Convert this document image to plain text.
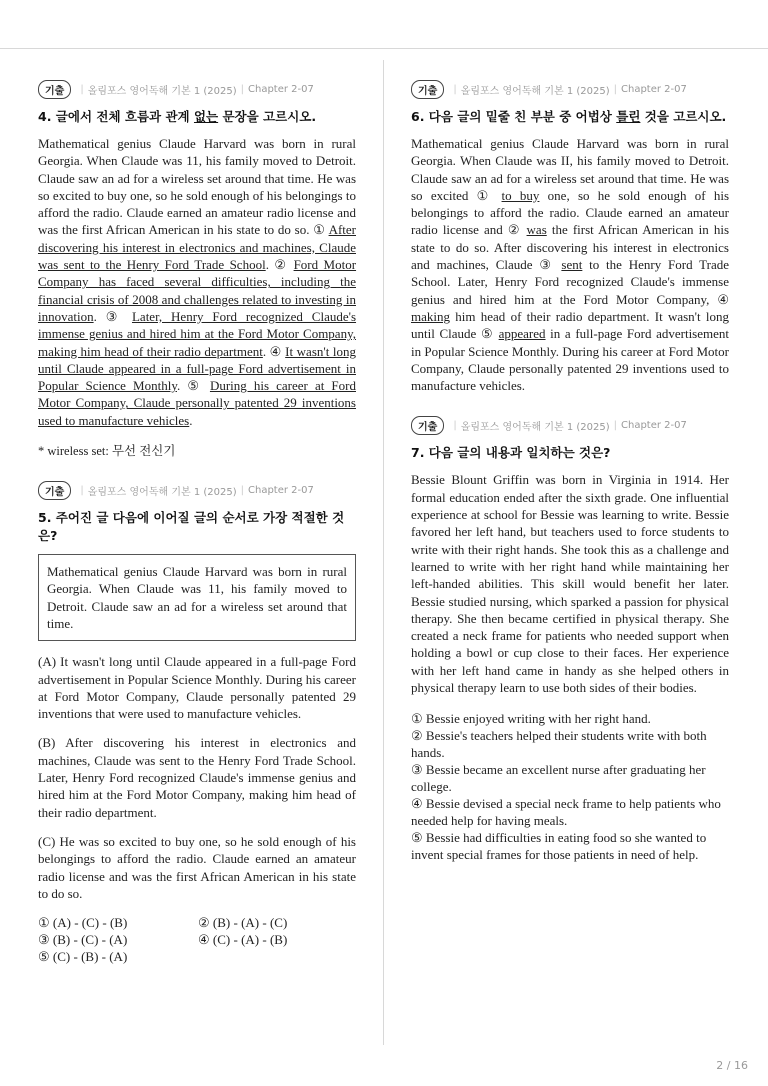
기출	| 올림포스 영어독해 기본 1 (2025) | Chapter 2-07
4. 글에서 전체 흐름과 관계 없는 문장을 고르시오.
Mathematical genius Claude Harvard was born in rural Georgia. When Claude was 11, his family moved to Detroit. Claude saw an ad for a wireless set around that time. He was so excited to buy one, so he sold enough of his belongings to afford the radio. Claude earned an amateur radio license and was the first African American in his state to do so. ① After discovering his interest in electronics and machines, Claude was sent to the Henry Ford Trade School. ② Ford Motor Company has faced several difficulties, including the financial crisis of 2008 and challenges related to investing in innovation. ③ Later, Henry Ford recognized Claude's immense genius and hired him at the Ford Motor Company, making him head of their radio department. ④ It wasn't long until Claude appeared in a full-page Ford advertisement in Popular Science Monthly. ⑤ During his career at Ford Motor Company, Claude personally patented 29 inventions used to manufacture vehicles.
* wireless set: 무선 전신기
기출	| 올림포스 영어독해 기본 1 (2025) | Chapter 2-07
5. 주어진 글 다음에 이어질 글의 순서로 가장 적절한 것은?
Mathematical genius Claude Harvard was born in rural Georgia. When Claude was 11, his family moved to Detroit. Claude saw an ad for a wireless set around that time.
(A) It wasn't long until Claude appeared in a full-page Ford advertisement in Popular Science Monthly. During his career at Ford Motor Company, Claude personally patented 29 inventions that were used to manufacture vehicles.
(B) After discovering his interest in electronics and machines, Claude was sent to the Henry Ford Trade School. Later, Henry Ford recognized Claude's immense genius and hired him at the Ford Motor Company, making him head of their radio department.
(C) He was so excited to buy one, so he sold enough of his belongings to afford the radio. Claude earned an amateur radio license and was the first African American in his state to do so.
① (A) - (C) - (B)	② (B) - (A) - (C)
③ (B) - (C) - (A)	④ (C) - (A) - (B)
⑤ (C) - (B) - (A)
기출	| 올림포스 영어독해 기본 1 (2025) | Chapter 2-07
6. 다음 글의 밑줄 친 부분 중 어법상 틀린 것을 고르시오.
Mathematical genius Claude Harvard was born in rural Georgia. When Claude was II, his family moved to Detroit. Claude saw an ad for a wireless set around that time. He was so excited ① to buy one, so he sold enough of his belongings to afford the radio. Claude earned an amateur radio license and ② was the first African American in his state to do so. After discovering his interest in electronics and machines, Claude ③ sent to the Henry Ford Trade School. Later, Henry Ford recognized Claude's immense genius and hired him at the Ford Motor Company, ④ making him head of their radio department. It wasn't long until Claude ⑤ appeared in a full-page Ford advertisement in Popular Science Monthly. During his career at Ford Motor Company, Claude personally patented 29 inventions used to manufacture vehicles.
기출	| 올림포스 영어독해 기본 1 (2025) | Chapter 2-07
7. 다음 글의 내용과 일치하는 것은?
Bessie Blount Griffin was born in Virginia in 1914. Her formal education ended after the sixth grade. One influential experience at school for Bessie was learning to write. Bessie favored her left hand, but teachers used to force students to write with their right hands. She took this as a challenge and learned to write with her right hand while maintaining her left-handed abilities. This skill would benefit her later. Bessie studied nursing, which sparked a passion for physical therapy. She then became certified in physical therapy. She created a neck frame for patients who needed support when holding a bowl or cup close to their faces. Her experience with her left hand came in handy as she helped others in physical therapy learn to use both sides of their bodies.
① Bessie enjoyed writing with her right hand.
② Bessie's teachers helped their students write with both hands.
③ Bessie became an excellent nurse after graduating her college.
④ Bessie devised a special neck frame to help patients who needed help for having meals.
⑤ Bessie had difficulties in eating food so she wanted to invent special frames for those patients in need of help.
2 / 16
